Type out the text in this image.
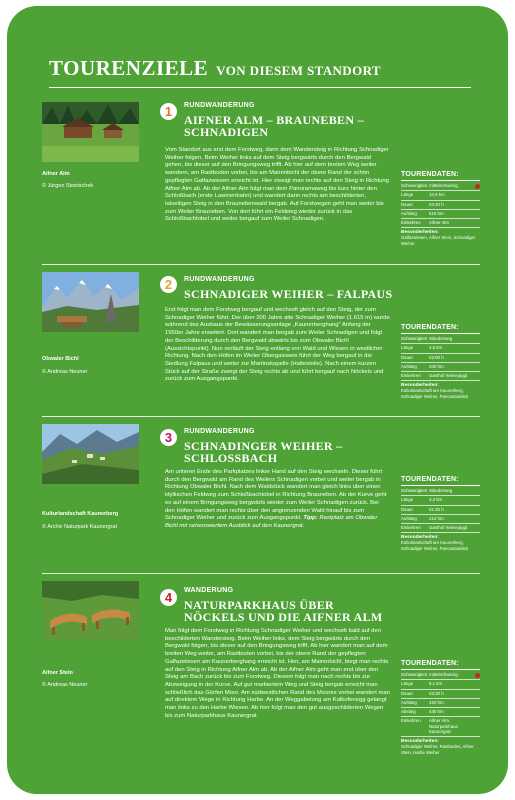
TOURENZIELE VON DIESEM STANDORT
Aifner Alm
© Jürgen Stoetschek
1	RUNDWANDERUNG
AIFNER ALM – BRAUNEBEN – SCHNADIGEN
Vom Standort aus erst dem Forstweg, dann dem Wandersteig in Richtung Schnadiger Weiher folgen. Beim Weiher links auf dem Steig bergwärts durch den Bergwald gehen, bis dieser auf den Bringungsweg trifft. Ab hier auf dem breiten Weg weiter wandern, am Rastboden vorbei, bis am Mairenbichl der obere Rand der schön gepflegten Galfazwiesen erreicht ist. Hier zweigt man rechts auf den Steig in Richtung Aifner Alm ab. Ab der Aifner Alm folgt man dem Panoramaweg bis kurz hinter den Schloßbach (erste Lawinenbahn) und wandert dann rechts am beschilderten, talseitigen Steig in den Braunebenwald bergab. Auf Forstwegen geht man weiter bis zum Weiler Brauneben. Von dort führt ein Feldweg wieder zurück in das Schloßbachtobel und weiter bergauf zum Weiler Schnadigen.
TOURENDATEN:
Schwierigkeit mittelschwierig
Länge	10,9 km
Dauer	04:40 h
Aufstieg	616 hm
Einkehren	Aifner Alm
Besonderheiten:
Galfazwiesen, Aifner Stein, Schnadiger Weiher
Obwaler Bichl
© Andreas Neuner
2	RUNDWANDERUNG
SCHNADIGER WEIHER – FALPAUS
Erst folgt man dem Forstweg bergauf und wechselt gleich auf den Steig, der zum Schnadiger Weiher führt. Der über 200 Jahre alte Schnadiger Weiher (1.615 m) wurde während des Ausbaus der Bewässerungsanlage „Kaunerberghang" Anfang der 1950er Jahre erweitert. Dort wandert man bergab zum Weiler Schnadigen und folgt der Beschilderung durch den Bergwald abwärts bis zum Obwaler Bichl (Aussichtspunkt). Nun verläuft der Steig entlang von Wald und Wiesen in westlicher Richtung. Nach den Höfen im Weiler Obergaisweis führt der Weg bergauf in die Siedlung Falpaus und weiter zur Martinskapelle (Haltestelle). Nach einem kurzen Stück auf der Straße zweigt der Steig rechts ab und führt bergauf nach Nöckels und zurück zum Ausgangspunkt.
TOURENDATEN:
Schwierigkeit Wanderweg
Länge	4,5 km
Dauer	02:00 h
Aufstieg	200 hm
Einkehren	Gasthof Wiesejaggl
Besonderheiten:
Kulturlandschaft am Kaunerberg, Schnadiger Weiher, Panoramablick
Kulturlandschaft Kaunerberg
© Archiv Naturpark Kaunergrat
3	RUNDWANDERUNG
SCHNADINGER WEIHER – SCHLOSSBACH
Am unteren Ende des Parkplatzes linker Hand auf den Steig wechseln. Dieser führt durch den Bergwald am Rand des Weilers Schnadigen vorbei und weiter bergab in Richtung Obwaler Bichl. Nach dem Waldstück wandert man gleich links über einen idyllischen Feldweg zum Schloßbachtobel in Richtung Brauneben. Ab der Kurve geht es auf einem Bringungsweg bergwärts wieder zum Weiler Schnadigen zurück. Bei den Höfen wandert man rechts über den angrenzenden Wald hinauf bis zum Schnadiger Weiher und zurück zum Ausgangspunkt. Tipp: Rastplatz am Obwaler Bichl mit sehenswertem Ausblick auf den Kaunergrat.
TOURENDATEN:
Schwierigkeit Wanderweg
Länge	3,3 km
Dauer	01:30 h
Aufstieg	212 hm
Einkehren	Gasthof Wiesejaggl
Besonderheiten:
Kulturlandschaft am Kaunerberg, Schnadiger Weiher, Panoramablick
Aifner Stein
© Andreas Neuner
4	WANDERUNG
NATURPARKHAUS ÜBER NÖCKELS UND DIE AIFNER ALM
Man folgt dem Forstweg in Richtung Schnadiger Weiher und wechselt bald auf den beschilderten Wandersteig. Beim Weiher links, dem Steig bergwärts durch den Bergwald folgen, bis dieser auf den Bringungsweg trifft. Ab hier wandert man auf dem breiten Weg weiter, am Rastboden vorbei, bis der obere Rand der gepflegten Galfazwiesen am Kaunerberghang erreicht ist. Hier, am Mairenbichl, biegt man rechts auf den Steig in Richtung Aifner Alm ab. Ab der Aifner Alm geht man erst über den Steig am Bach zurück bis zum Forstweg. Diesem folgt man nach rechts bis zur Abzweigung in der Kurve. Auf gut markiertem Weg und Steig bergab erreicht man schließlich das Görfen Moor. Am südwestlichen Rand des Moores vorbei wandert man auf direktem Wege in Richtung Harbe. An der Weggabelung am Kalkofenegg gelangt man links zu den Harbe Wiesen. Ab hier folgt man den gut ausgeschilderten Wegen bis zum Naturparkhaus Kaunergrat.
TOURENDATEN:
Schwierigkeit mittelschwierig
Länge	8,1 km
Dauer	03:20 h
Aufstieg	420 hm
Abstieg	440 hm
Einkehren	Aifner Alm, Naturparkhaus Kaunergrat
Besonderheiten:
Schnadiger Weiher, Rastboden, Aifner Stein, Harbe Weiher
